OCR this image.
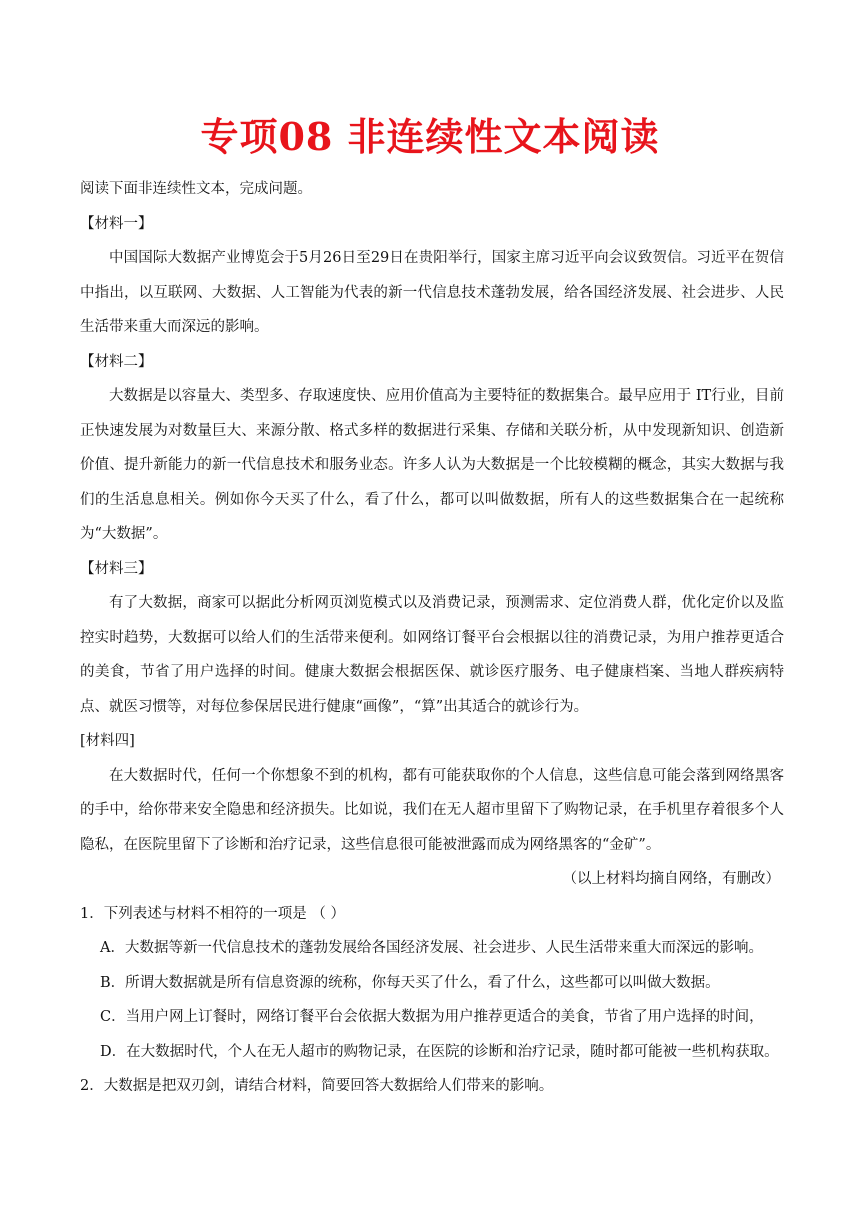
专项08 非连续性文本阅读

阅读下面非连续性文本，完成问题。

【材料一】

中国国际大数据产业博览会于5月26日至29日在贵阳举行，国家主席习近平向会议致贺信。习近平在贺信中指出，以互联网、大数据、人工智能为代表的新一代信息技术蓬勃发展，给各国经济发展、社会进步、人民生活带来重大而深远的影响。

【材料二】

大数据是以容量大、类型多、存取速度快、应用价值高为主要特征的数据集合。最早应用于 IT行业，目前正快速发展为对数量巨大、来源分散、格式多样的数据进行采集、存储和关联分析，从中发现新知识、创造新价值、提升新能力的新一代信息技术和服务业态。许多人认为大数据是一个比较模糊的概念，其实大数据与我们的生活息息相关。例如你今天买了什么，看了什么，都可以叫做数据，所有人的这些数据集合在一起统称为“大数据”。

【材料三】

有了大数据，商家可以据此分析网页浏览模式以及消费记录，预测需求、定位消费人群，优化定价以及监控实时趋势，大数据可以给人们的生活带来便利。如网络订餐平台会根据以往的消费记录，为用户推荐更适合的美食，节省了用户选择的时间。健康大数据会根据医保、就诊医疗服务、电子健康档案、当地人群疾病特点、就医习惯等，对每位参保居民进行健康“画像”，“算”出其适合的就诊行为。

[材料四]

在大数据时代，任何一个你想象不到的机构，都有可能获取你的个人信息，这些信息可能会落到网络黑客的手中，给你带来安全隐患和经济损失。比如说，我们在无人超市里留下了购物记录，在手机里存着很多个人隐私，在医院里留下了诊断和治疗记录，这些信息很可能被泄露而成为网络黑客的“金矿”。

（以上材料均摘自网络，有删改）

1．下列表述与材料不相符的一项是 （ ）

A．大数据等新一代信息技术的蓬勃发展给各国经济发展、社会进步、人民生活带来重大而深远的影响。

B．所谓大数据就是所有信息资源的统称，你每天买了什么，看了什么，这些都可以叫做大数据。

C．当用户网上订餐时，网络订餐平台会依据大数据为用户推荐更适合的美食，节省了用户选择的时间，

D．在大数据时代，个人在无人超市的购物记录，在医院的诊断和治疗记录，随时都可能被一些机构获取。

2．大数据是把双刃剑，请结合材料，简要回答大数据给人们带来的影响。
